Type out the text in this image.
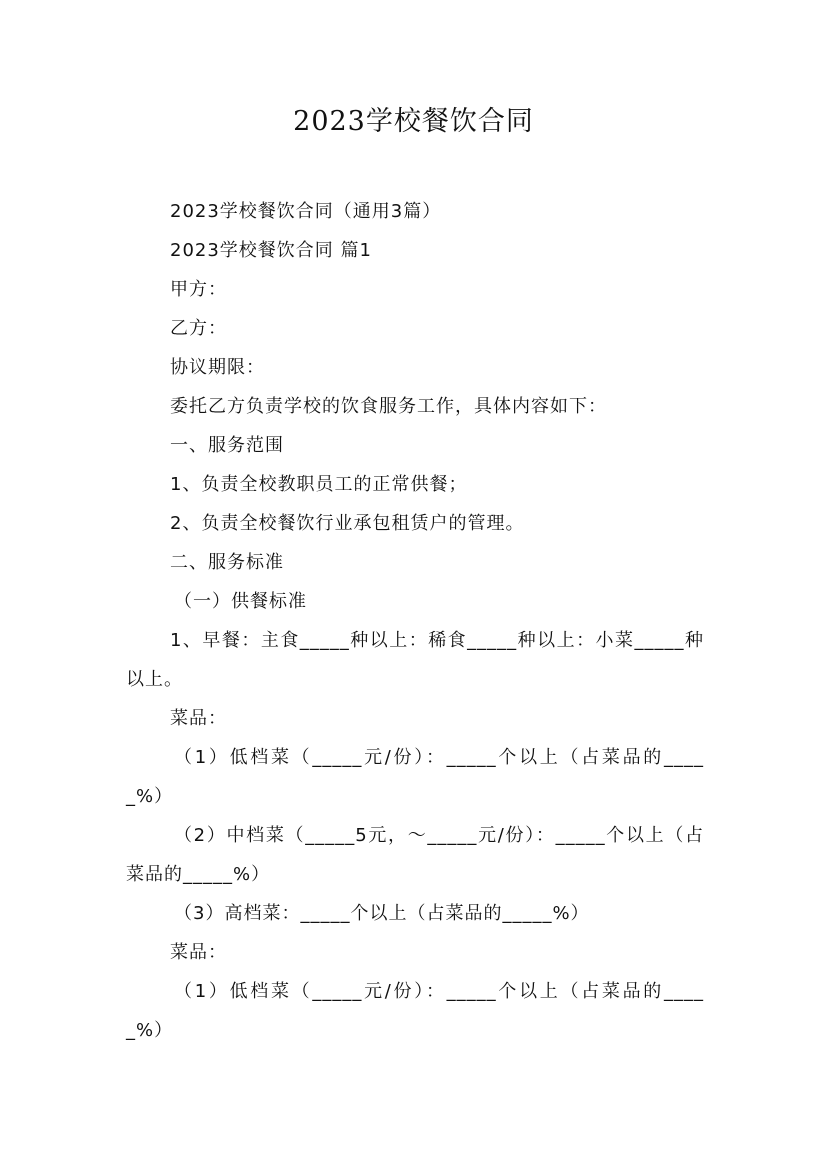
2023学校餐饮合同

2023学校餐饮合同（通用3篇）

2023学校餐饮合同 篇1

甲方：

乙方：

协议期限：

委托乙方负责学校的饮食服务工作，具体内容如下：

一、服务范围

1、负责全校教职员工的正常供餐；

2、负责全校餐饮行业承包租赁户的管理。

二、服务标准

（一）供餐标准

1、早餐：主食_____种以上：稀食_____种以上：小菜_____种以上。

菜品：

（1）低档菜（_____元/份）：_____个以上（占菜品的_____%）

（2）中档菜（_____5元，～_____元/份）：_____个以上（占菜品的_____%）

（3）高档菜：_____个以上（占菜品的_____%）

菜品：

（1）低档菜（_____元/份）：_____个以上（占菜品的_____%）
